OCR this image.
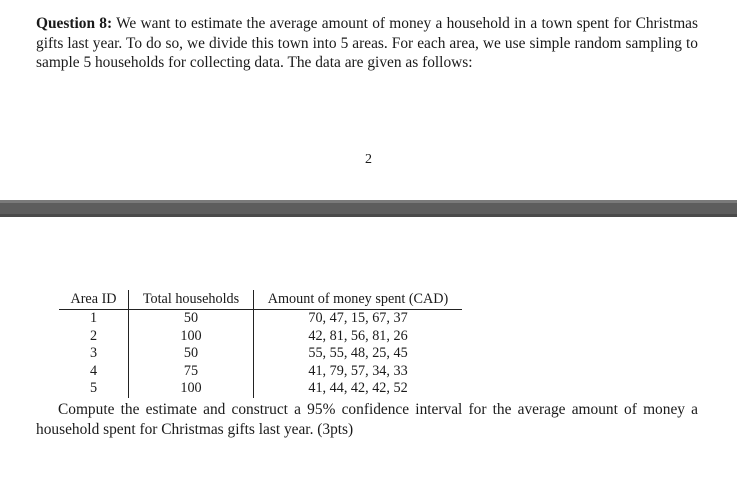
Question 8: We want to estimate the average amount of money a household in a town spent for Christmas gifts last year. To do so, we divide this town into 5 areas. For each area, we use simple random sampling to sample 5 households for collecting data. The data are given as follows:
2
Area ID	Total households	Amount of money spent (CAD)
1	50	70, 47, 15, 67, 37
2	100	42, 81, 56, 81, 26
3	50	55, 55, 48, 25, 45
4	75	41, 79, 57, 34, 33
5	100	41, 44, 42, 42, 52
Compute the estimate and construct a 95% confidence interval for the average amount of money a household spent for Christmas gifts last year. (3pts)
